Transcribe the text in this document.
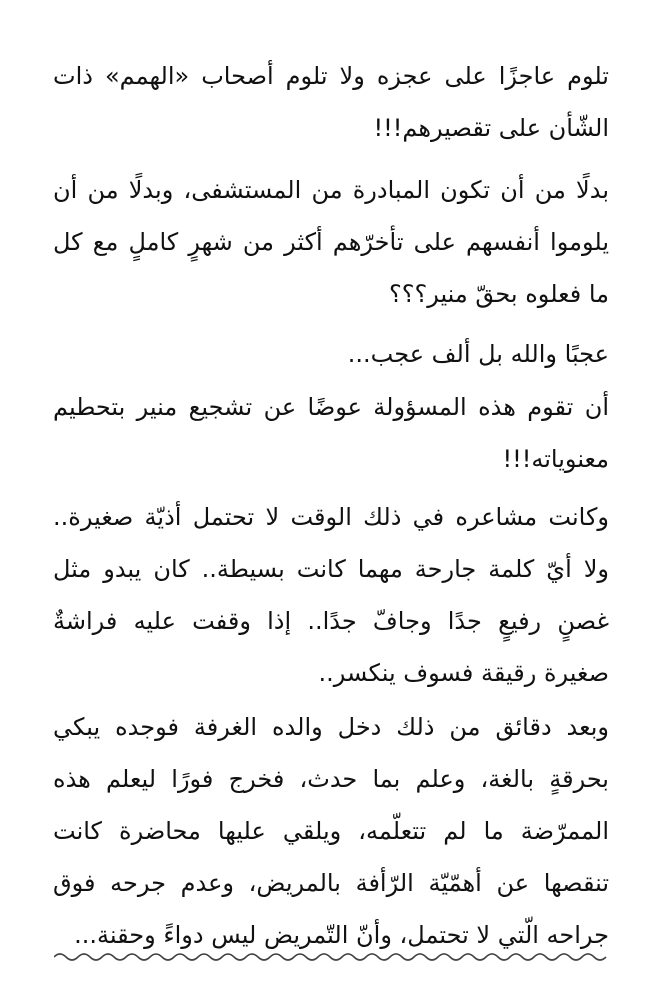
تلوم عاجزًا على عجزه ولا تلوم أصحاب «الهمم» ذات الشّأن على تقصيرهم!!!

بدلًا من أن تكون المبادرة من المستشفى، وبدلًا من أن يلوموا أنفسهم على تأخرّهم أكثر من شهرٍ كاملٍ مع كل ما فعلوه بحقّ منير؟؟؟

عجبًا والله بل ألف عجب...

أن تقوم هذه المسؤولة عوضًا عن تشجيع منير بتحطيم معنوياته!!!

وكانت مشاعره في ذلك الوقت لا تحتمل أذيّة صغيرة.. ولا أيّ كلمة جارحة مهما كانت بسيطة.. كان يبدو مثل غصنٍ رفيعٍ جدًا وجافّ جدًا.. إذا وقفت عليه فراشةٌ صغيرة رقيقة فسوف ينكسر..

وبعد دقائق من ذلك دخل والده الغرفة فوجده يبكي بحرقةٍ بالغة، وعلم بما حدث، فخرج فورًا ليعلم هذه الممرّضة ما لم تتعلّمه، ويلقي عليها محاضرة كانت تنقصها عن أهمّيّة الرّأفة بالمريض، وعدم جرحه فوق جراحه الّتي لا تحتمل، وأنّ التّمريض ليس دواءً وحقنة...
